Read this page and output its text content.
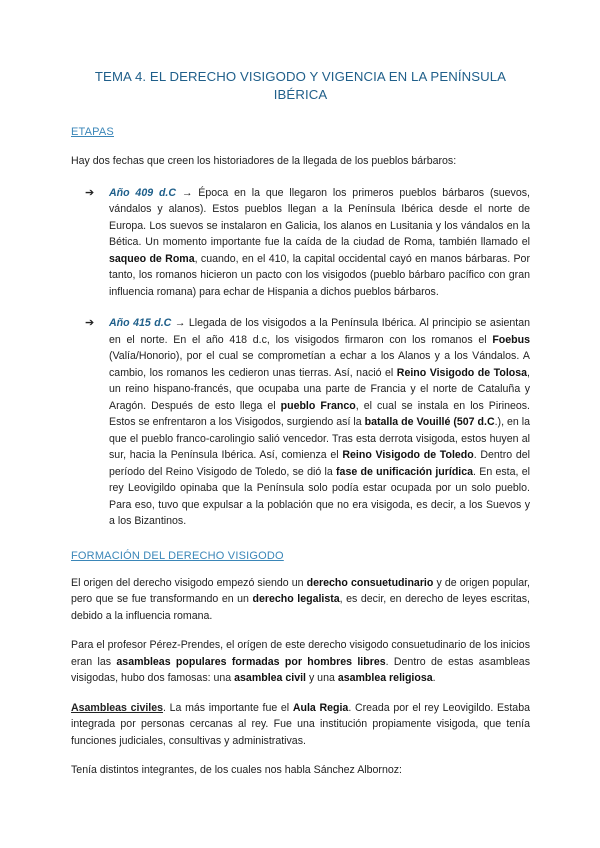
TEMA 4. EL DERECHO VISIGODO Y VIGENCIA EN LA PENÍNSULA IBÉRICA
ETAPAS

Hay dos fechas que creen los historiadores de la llegada de los pueblos bárbaros:

➔ Año 409 d.C → Época en la que llegaron los primeros pueblos bárbaros (suevos, vándalos y alanos). Estos pueblos llegan a la Península Ibérica desde el norte de Europa. Los suevos se instalaron en Galicia, los alanos en Lusitania y los vándalos en la Bética. Un momento importante fue la caída de la ciudad de Roma, también llamado el saqueo de Roma, cuando, en el 410, la capital occidental cayó en manos bárbaras. Por tanto, los romanos hicieron un pacto con los visigodos (pueblo bárbaro pacífico con gran influencia romana) para echar de Hispania a dichos pueblos bárbaros.

➔ Año 415 d.C → Llegada de los visigodos a la Península Ibérica. Al principio se asientan en el norte. En el año 418 d.c, los visigodos firmaron con los romanos el Foebus (Valía/Honorio), por el cual se comprometían a echar a los Alanos y a los Vándalos. A cambio, los romanos les cedieron unas tierras. Así, nació el Reino Visigodo de Tolosa, un reino hispano-francés, que ocupaba una parte de Francia y el norte de Cataluña y Aragón. Después de esto llega el pueblo Franco, el cual se instala en los Pirineos. Estos se enfrentaron a los Visigodos, surgiendo así la batalla de Vouillé (507 d.C.), en la que el pueblo franco-carolingio salió vencedor. Tras esta derrota visigoda, estos huyen al sur, hacia la Península Ibérica. Así, comienza el Reino Visigodo de Toledo. Dentro del período del Reino Visigodo de Toledo, se dió la fase de unificación jurídica. En esta, el rey Leovigildo opinaba que la Península solo podía estar ocupada por un solo pueblo. Para eso, tuvo que expulsar a la población que no era visigoda, es decir, a los Suevos y a los Bizantinos.

FORMACIÓN DEL DERECHO VISIGODO

El origen del derecho visigodo empezó siendo un derecho consuetudinario y de origen popular, pero que se fue transformando en un derecho legalista, es decir, en derecho de leyes escritas, debido a la influencia romana.

Para el profesor Pérez-Prendes, el orígen de este derecho visigodo consuetudinario de los inicios eran las asambleas populares formadas por hombres libres. Dentro de estas asambleas visigodas, hubo dos famosas: una asamblea civil y una asamblea religiosa.

Asambleas civiles. La más importante fue el Aula Regia. Creada por el rey Leovigildo. Estaba integrada por personas cercanas al rey. Fue una institución propiamente visigoda, que tenía funciones judiciales, consultivas y administrativas.

Tenía distintos integrantes, de los cuales nos habla Sánchez Albornoz:
